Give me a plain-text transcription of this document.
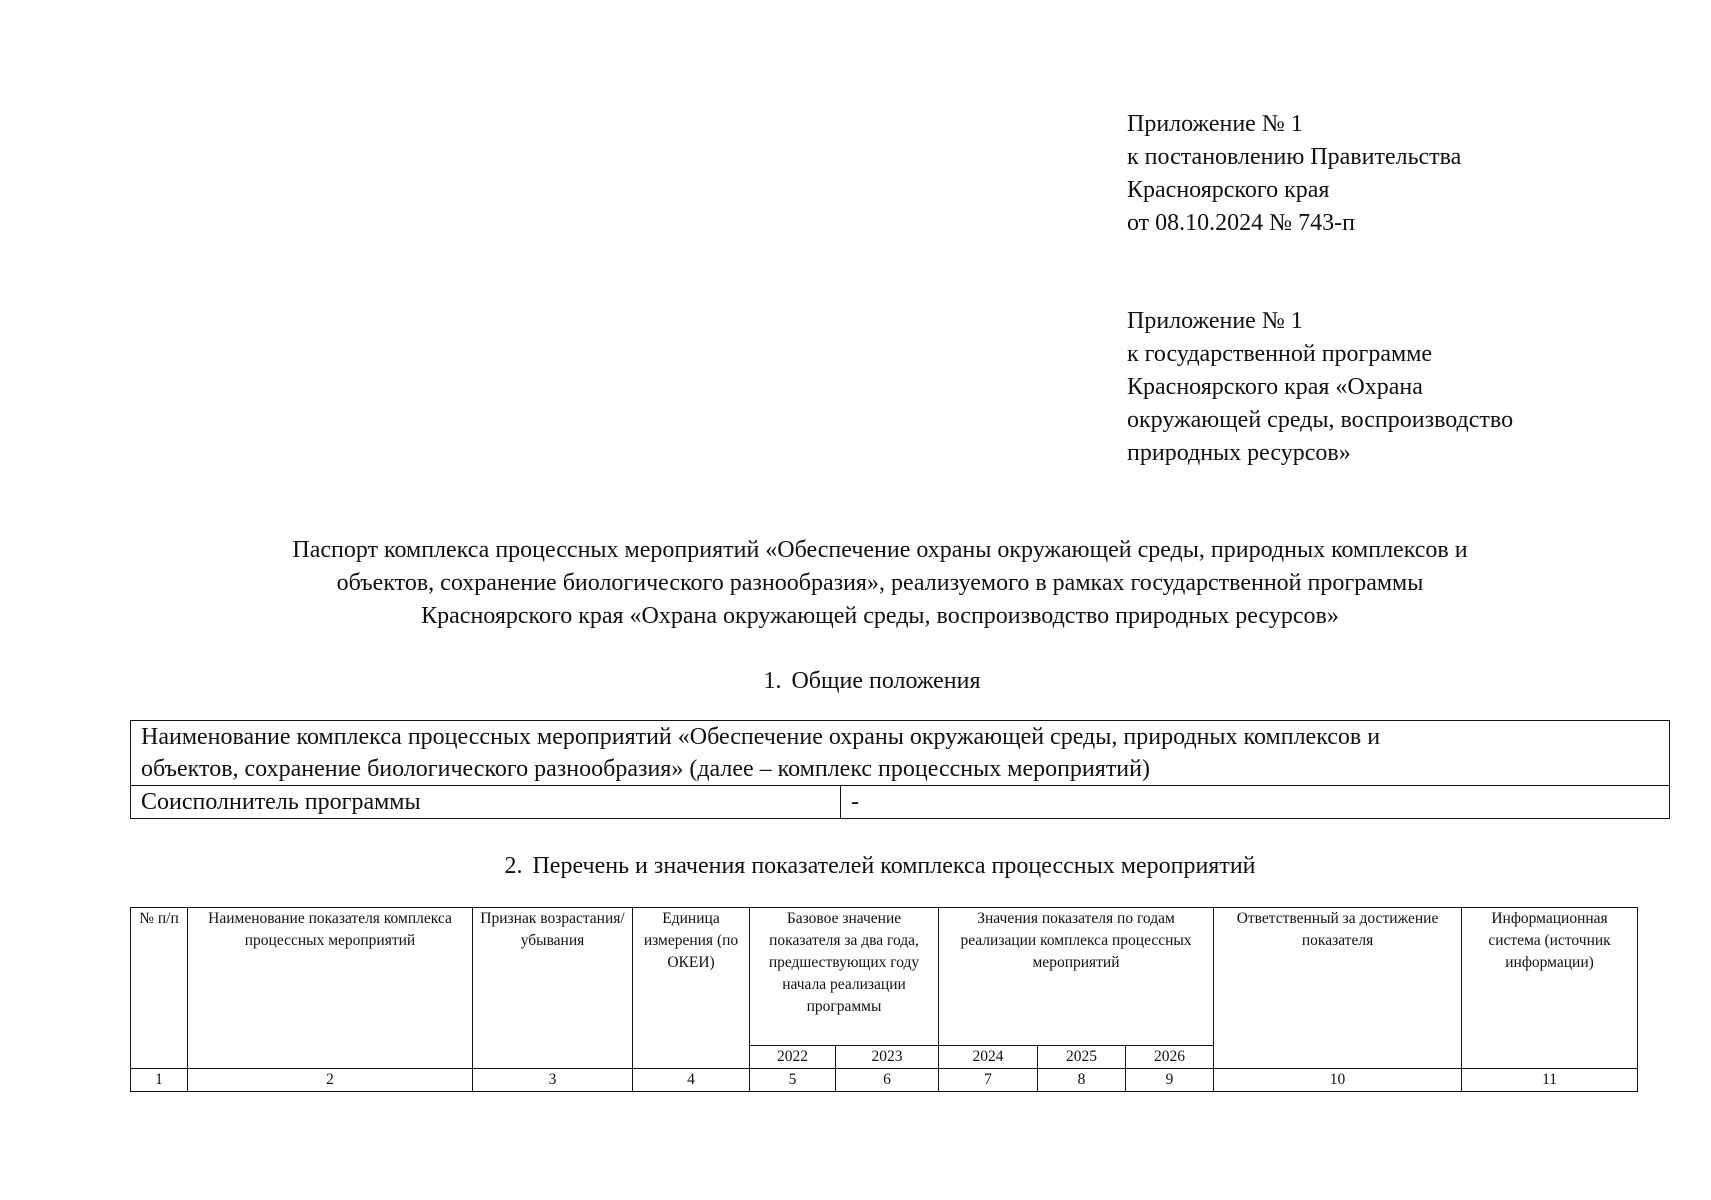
Приложение № 1
к постановлению Правительства
Красноярского края
от 08.10.2024 № 743-п
Приложение № 1
к государственной программе
Красноярского края «Охрана
окружающей среды, воспроизводство
природных ресурсов»
Паспорт комплекса процессных мероприятий «Обеспечение охраны окружающей среды, природных комплексов и
объектов, сохранение биологического разнообразия», реализуемого в рамках государственной программы
Красноярского края «Охрана окружающей среды, воспроизводство природных ресурсов»
1. Общие положения
Наименование комплекса процессных мероприятий «Обеспечение охраны окружающей среды, природных комплексов и
объектов, сохранение биологического разнообразия» (далее – комплекс процессных мероприятий)

Соисполнитель программы	-
2. Перечень и значения показателей комплекса процессных мероприятий
№ п/п	Наименование показателя комплекса процессных мероприятий	Признак возрастания/ убывания	Единица измерения (по ОКЕИ)	Базовое значение показателя за два года, предшествующих году начала реализации программы		Значения показателя по годам реализации комплекса процессных мероприятий			Ответственный за достижение показателя	Информационная система (источник информации)
				2022	2023	2024	2025	2026		
1	2	3	4	5	6	7	8	9	10	11
